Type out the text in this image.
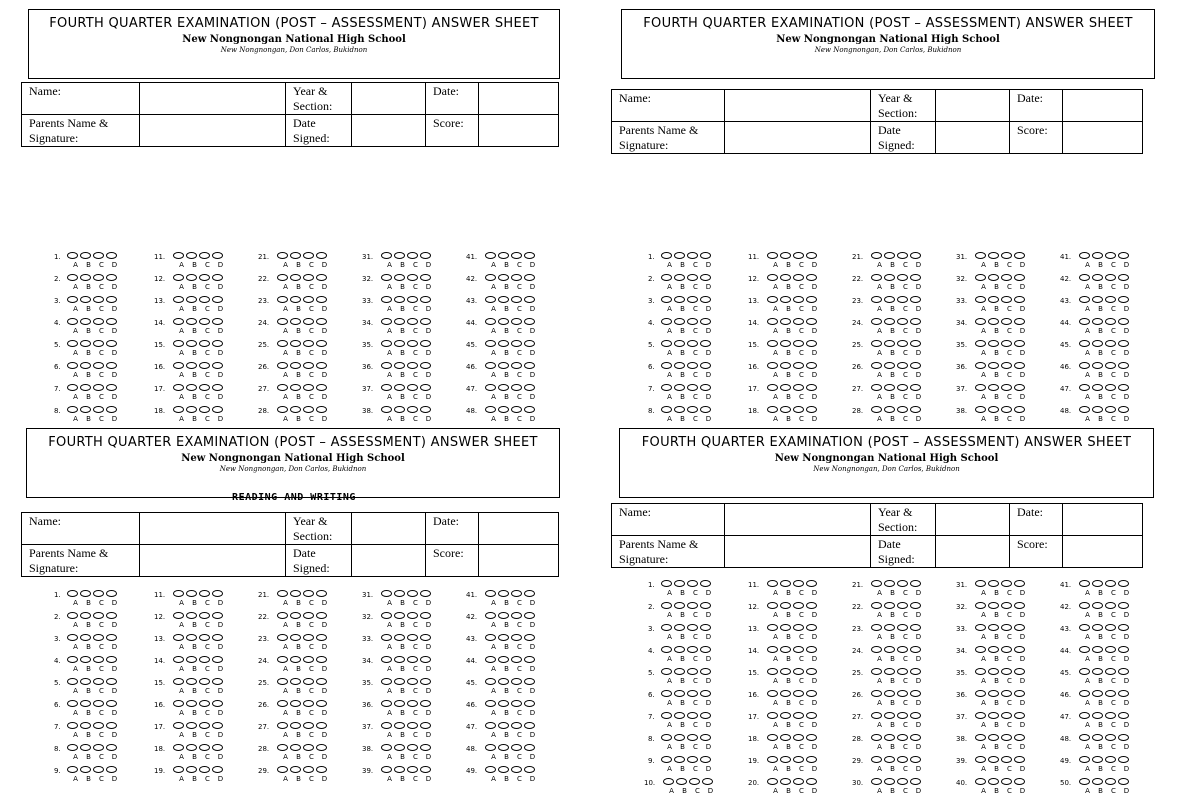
FOURTH QUARTER EXAMINATION (POST – ASSESSMENT) ANSWER SHEET
New Nongnongan National High School
New Nongnongan, Don Carlos, Bukidnon
Name:		Year & Section:		Date:	
Parents Name & Signature:		Date Signed:		Score:	
1.
A	B	C	D
2.
A	B	C	D
3.
A	B	C	D
4.
A	B	C	D
5.
A	B	C	D
6.
A	B	C	D
7.
A	B	C	D
8.
A	B	C	D
11.
A	B	C	D
12.
A	B	C	D
13.
A	B	C	D
14.
A	B	C	D
15.
A	B	C	D
16.
A	B	C	D
17.
A	B	C	D
18.
A	B	C	D
21.
A	B	C	D
22.
A	B	C	D
23.
A	B	C	D
24.
A	B	C	D
25.
A	B	C	D
26.
A	B	C	D
27.
A	B	C	D
28.
A	B	C	D
31.
A	B	C	D
32.
A	B	C	D
33.
A	B	C	D
34.
A	B	C	D
35.
A	B	C	D
36.
A	B	C	D
37.
A	B	C	D
38.
A	B	C	D
41.
A	B	C	D
42.
A	B	C	D
43.
A	B	C	D
44.
A	B	C	D
45.
A	B	C	D
46.
A	B	C	D
47.
A	B	C	D
48.
A	B	C	D
FOURTH QUARTER EXAMINATION (POST – ASSESSMENT) ANSWER SHEET
New Nongnongan National High School
New Nongnongan, Don Carlos, Bukidnon
Name:		Year & Section:		Date:	
Parents Name & Signature:		Date Signed:		Score:	
1.
A	B	C	D
2.
A	B	C	D
3.
A	B	C	D
4.
A	B	C	D
5.
A	B	C	D
6.
A	B	C	D
7.
A	B	C	D
8.
A	B	C	D
11.
A	B	C	D
12.
A	B	C	D
13.
A	B	C	D
14.
A	B	C	D
15.
A	B	C	D
16.
A	B	C	D
17.
A	B	C	D
18.
A	B	C	D
21.
A	B	C	D
22.
A	B	C	D
23.
A	B	C	D
24.
A	B	C	D
25.
A	B	C	D
26.
A	B	C	D
27.
A	B	C	D
28.
A	B	C	D
31.
A	B	C	D
32.
A	B	C	D
33.
A	B	C	D
34.
A	B	C	D
35.
A	B	C	D
36.
A	B	C	D
37.
A	B	C	D
38.
A	B	C	D
41.
A	B	C	D
42.
A	B	C	D
43.
A	B	C	D
44.
A	B	C	D
45.
A	B	C	D
46.
A	B	C	D
47.
A	B	C	D
48.
A	B	C	D
FOURTH QUARTER EXAMINATION (POST – ASSESSMENT) ANSWER SHEET
New Nongnongan National High School
New Nongnongan, Don Carlos, Bukidnon
READING AND WRITING
Name:		Year & Section:		Date:	
Parents Name & Signature:		Date Signed:		Score:	
1.
A	B	C	D
2.
A	B	C	D
3.
A	B	C	D
4.
A	B	C	D
5.
A	B	C	D
6.
A	B	C	D
7.
A	B	C	D
8.
A	B	C	D
9.
A	B	C	D
11.
A	B	C	D
12.
A	B	C	D
13.
A	B	C	D
14.
A	B	C	D
15.
A	B	C	D
16.
A	B	C	D
17.
A	B	C	D
18.
A	B	C	D
19.
A	B	C	D
21.
A	B	C	D
22.
A	B	C	D
23.
A	B	C	D
24.
A	B	C	D
25.
A	B	C	D
26.
A	B	C	D
27.
A	B	C	D
28.
A	B	C	D
29.
A	B	C	D
31.
A	B	C	D
32.
A	B	C	D
33.
A	B	C	D
34.
A	B	C	D
35.
A	B	C	D
36.
A	B	C	D
37.
A	B	C	D
38.
A	B	C	D
39.
A	B	C	D
41.
A	B	C	D
42.
A	B	C	D
43.
A	B	C	D
44.
A	B	C	D
45.
A	B	C	D
46.
A	B	C	D
47.
A	B	C	D
48.
A	B	C	D
49.
A	B	C	D
FOURTH QUARTER EXAMINATION (POST – ASSESSMENT) ANSWER SHEET
New Nongnongan National High School
New Nongnongan, Don Carlos, Bukidnon
Name:		Year & Section:		Date:	
Parents Name & Signature:		Date Signed:		Score:	
1.
A	B	C	D
2.
A	B	C	D
3.
A	B	C	D
4.
A	B	C	D
5.
A	B	C	D
6.
A	B	C	D
7.
A	B	C	D
8.
A	B	C	D
9.
A	B	C	D
10.
A	B	C	D
11.
A	B	C	D
12.
A	B	C	D
13.
A	B	C	D
14.
A	B	C	D
15.
A	B	C	D
16.
A	B	C	D
17.
A	B	C	D
18.
A	B	C	D
19.
A	B	C	D
20.
A	B	C	D
21.
A	B	C	D
22.
A	B	C	D
23.
A	B	C	D
24.
A	B	C	D
25.
A	B	C	D
26.
A	B	C	D
27.
A	B	C	D
28.
A	B	C	D
29.
A	B	C	D
30.
A	B	C	D
31.
A	B	C	D
32.
A	B	C	D
33.
A	B	C	D
34.
A	B	C	D
35.
A	B	C	D
36.
A	B	C	D
37.
A	B	C	D
38.
A	B	C	D
39.
A	B	C	D
40.
A	B	C	D
41.
A	B	C	D
42.
A	B	C	D
43.
A	B	C	D
44.
A	B	C	D
45.
A	B	C	D
46.
A	B	C	D
47.
A	B	C	D
48.
A	B	C	D
49.
A	B	C	D
50.
A	B	C	D
